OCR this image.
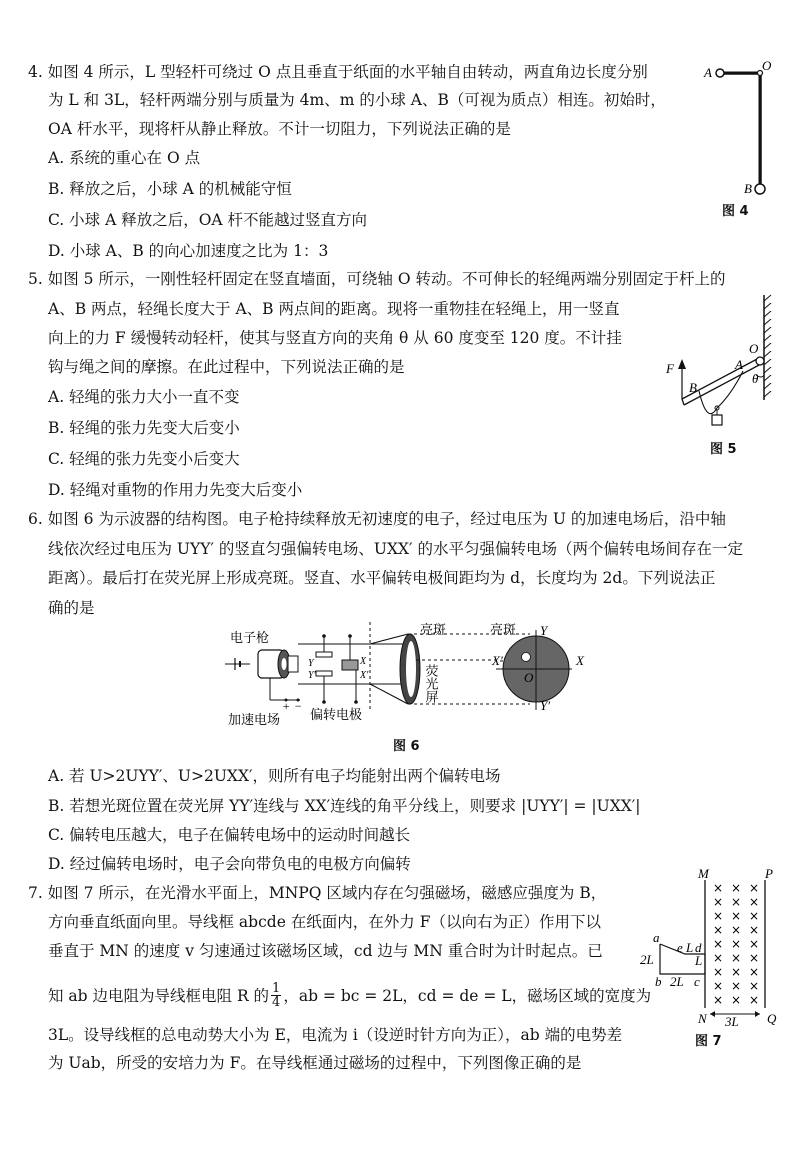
4. 如图 4 所示，L 型轻杆可绕过 O 点且垂直于纸面的水平轴自由转动，两直角边长度分别
为 L 和 3L，轻杆两端分别与质量为 4m、m 的小球 A、B（可视为质点）相连。初始时，
OA 杆水平，现将杆从静止释放。不计一切阻力，下列说法正确的是
A. 系统的重心在 O 点
B. 释放之后，小球 A 的机械能守恒
C. 小球 A 释放之后，OA 杆不能越过竖直方向
D. 小球 A、B 的向心加速度之比为 1：3
A	O
B
图 4
5. 如图 5 所示，一刚性轻杆固定在竖直墙面，可绕轴 O 转动。不可伸长的轻绳两端分别固定于杆上的
A、B 两点，轻绳长度大于 A、B 两点间的距离。现将一重物挂在轻绳上，用一竖直
向上的力 F 缓慢转动轻杆，使其与竖直方向的夹角 θ 从 60 度变至 120 度。不计挂
钩与绳之间的摩擦。在此过程中，下列说法正确的是
A. 轻绳的张力大小一直不变
B. 轻绳的张力先变大后变小
C. 轻绳的张力先变小后变大
D. 轻绳对重物的作用力先变大后变小
F
O
A
B
θ
图 5
6. 如图 6 为示波器的结构图。电子枪持续释放无初速度的电子，经过电压为 U 的加速电场后，沿中轴
线依次经过电压为 UYY′ 的竖直匀强偏转电场、UXX′ 的水平匀强偏转电场（两个偏转电场间存在一定
距离）。最后打在荧光屏上形成亮斑。竖直、水平偏转电极间距均为 d，长度均为 2d。下列说法正
确的是
电子枪
亮斑	亮斑
荧光屏
加速电场 偏转电极
Y
Y′
X
X′
O
Y
Y′
X
X′
+ −
图 6
A. 若 U>2UYY′、U>2UXX′，则所有电子均能射出两个偏转电场
B. 若想光斑位置在荧光屏 YY′连线与 XX′连线的角平分线上，则要求 |UYY′| = |UXX′|
C. 偏转电压越大，电子在偏转电场中的运动时间越长
D. 经过偏转电场时，电子会向带负电的电极方向偏转
7. 如图 7 所示，在光滑水平面上，MNPQ 区域内存在匀强磁场，磁感应强度为 B，
方向垂直纸面向里。导线框 abcde 在纸面内，在外力 F（以向右为正）作用下以
垂直于 MN 的速度 v 匀速通过该磁场区域，cd 边与 MN 重合时为计时起点。已
知 ab 边电阻为导线框电阻 R 的 $\frac{1}{4}$ ，ab = bc = 2L，cd = de = L，磁场区域的宽度为
3L。设导线框的总电动势大小为 E，电流为 i（设逆时针方向为正），ab 端的电势差
为 Uab，所受的安培力为 F。在导线框通过磁场的过程中，下列图像正确的是
× × ×
× × ×
× × ×
× × ×
× × ×
× × ×
× × ×
× × ×
× × ×
M	P
N	Q
a
b	c
d
e L
L
2L
2L
3L
图 7
